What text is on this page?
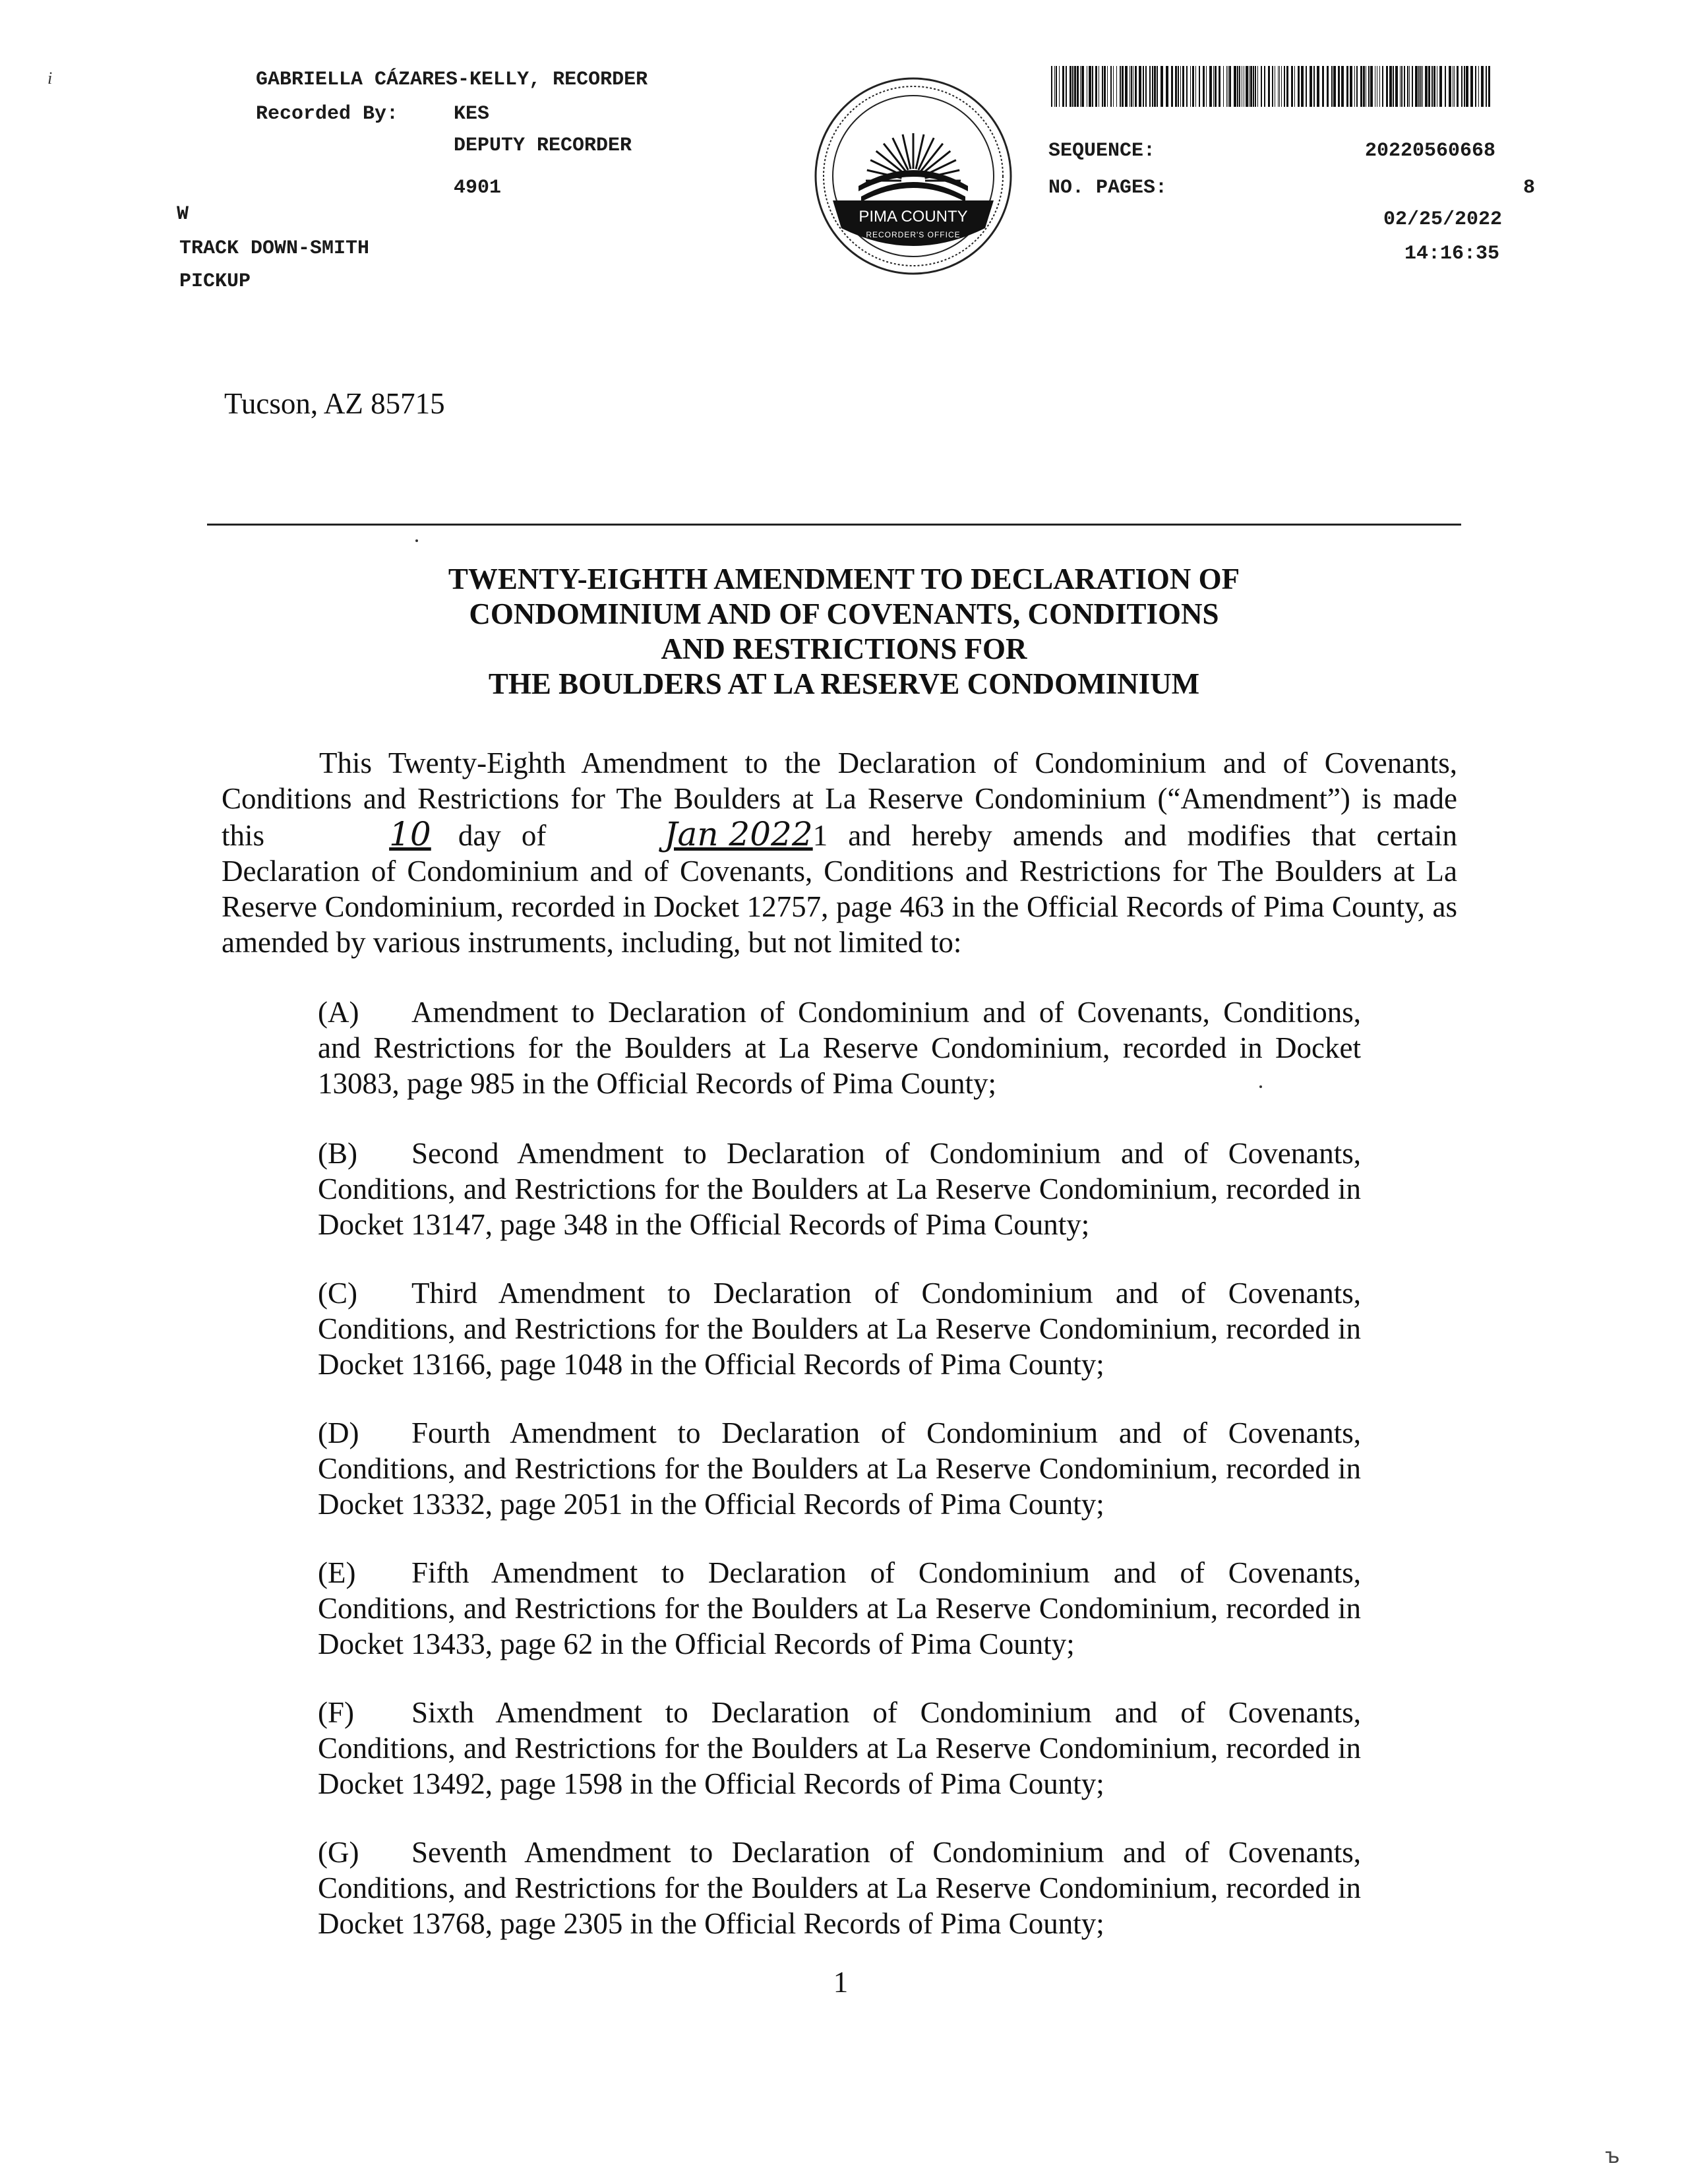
i	GABRIELLA CÁZARES-KELLY, RECORDER
Recorded By:	KES
DEPUTY RECORDER
4901
W
TRACK DOWN-SMITH
PICKUP
SEQUENCE:	20220560668
NO. PAGES:	8
02/25/2022
14:16:35
PIMA COUNTY
RECORDER'S OFFICE
Tucson, AZ 85715
TWENTY-EIGHTH AMENDMENT TO DECLARATION OF
CONDOMINIUM AND OF COVENANTS, CONDITIONS
AND RESTRICTIONS FOR
THE BOULDERS AT LA RESERVE CONDOMINIUM
This Twenty-Eighth Amendment to the Declaration of Condominium and of Covenants, Conditions and Restrictions for The Boulders at La Reserve Condominium (“Amendment”) is made this	10 day of	Jan 20221 and hereby amends and modifies that certain Declaration of Condominium and of Covenants, Conditions and Restrictions for The Boulders at La Reserve Condominium, recorded in Docket 12757, page 463 in the Official Records of Pima County, as amended by various instruments, including, but not limited to:
(A) Amendment to Declaration of Condominium and of Covenants, Conditions, and Restrictions for the Boulders at La Reserve Condominium, recorded in Docket 13083, page 985 in the Official Records of Pima County;
(B) Second Amendment to Declaration of Condominium and of Covenants, Conditions, and Restrictions for the Boulders at La Reserve Condominium, recorded in Docket 13147, page 348 in the Official Records of Pima County;
(C) Third Amendment to Declaration of Condominium and of Covenants, Conditions, and Restrictions for the Boulders at La Reserve Condominium, recorded in Docket 13166, page 1048 in the Official Records of Pima County;
(D) Fourth Amendment to Declaration of Condominium and of Covenants, Conditions, and Restrictions for the Boulders at La Reserve Condominium, recorded in Docket 13332, page 2051 in the Official Records of Pima County;
(E) Fifth Amendment to Declaration of Condominium and of Covenants, Conditions, and Restrictions for the Boulders at La Reserve Condominium, recorded in Docket 13433, page 62 in the Official Records of Pima County;
(F) Sixth Amendment to Declaration of Condominium and of Covenants, Conditions, and Restrictions for the Boulders at La Reserve Condominium, recorded in Docket 13492, page 1598 in the Official Records of Pima County;
(G) Seventh Amendment to Declaration of Condominium and of Covenants, Conditions, and Restrictions for the Boulders at La Reserve Condominium, recorded in Docket 13768, page 2305 in the Official Records of Pima County;
1
ъ
